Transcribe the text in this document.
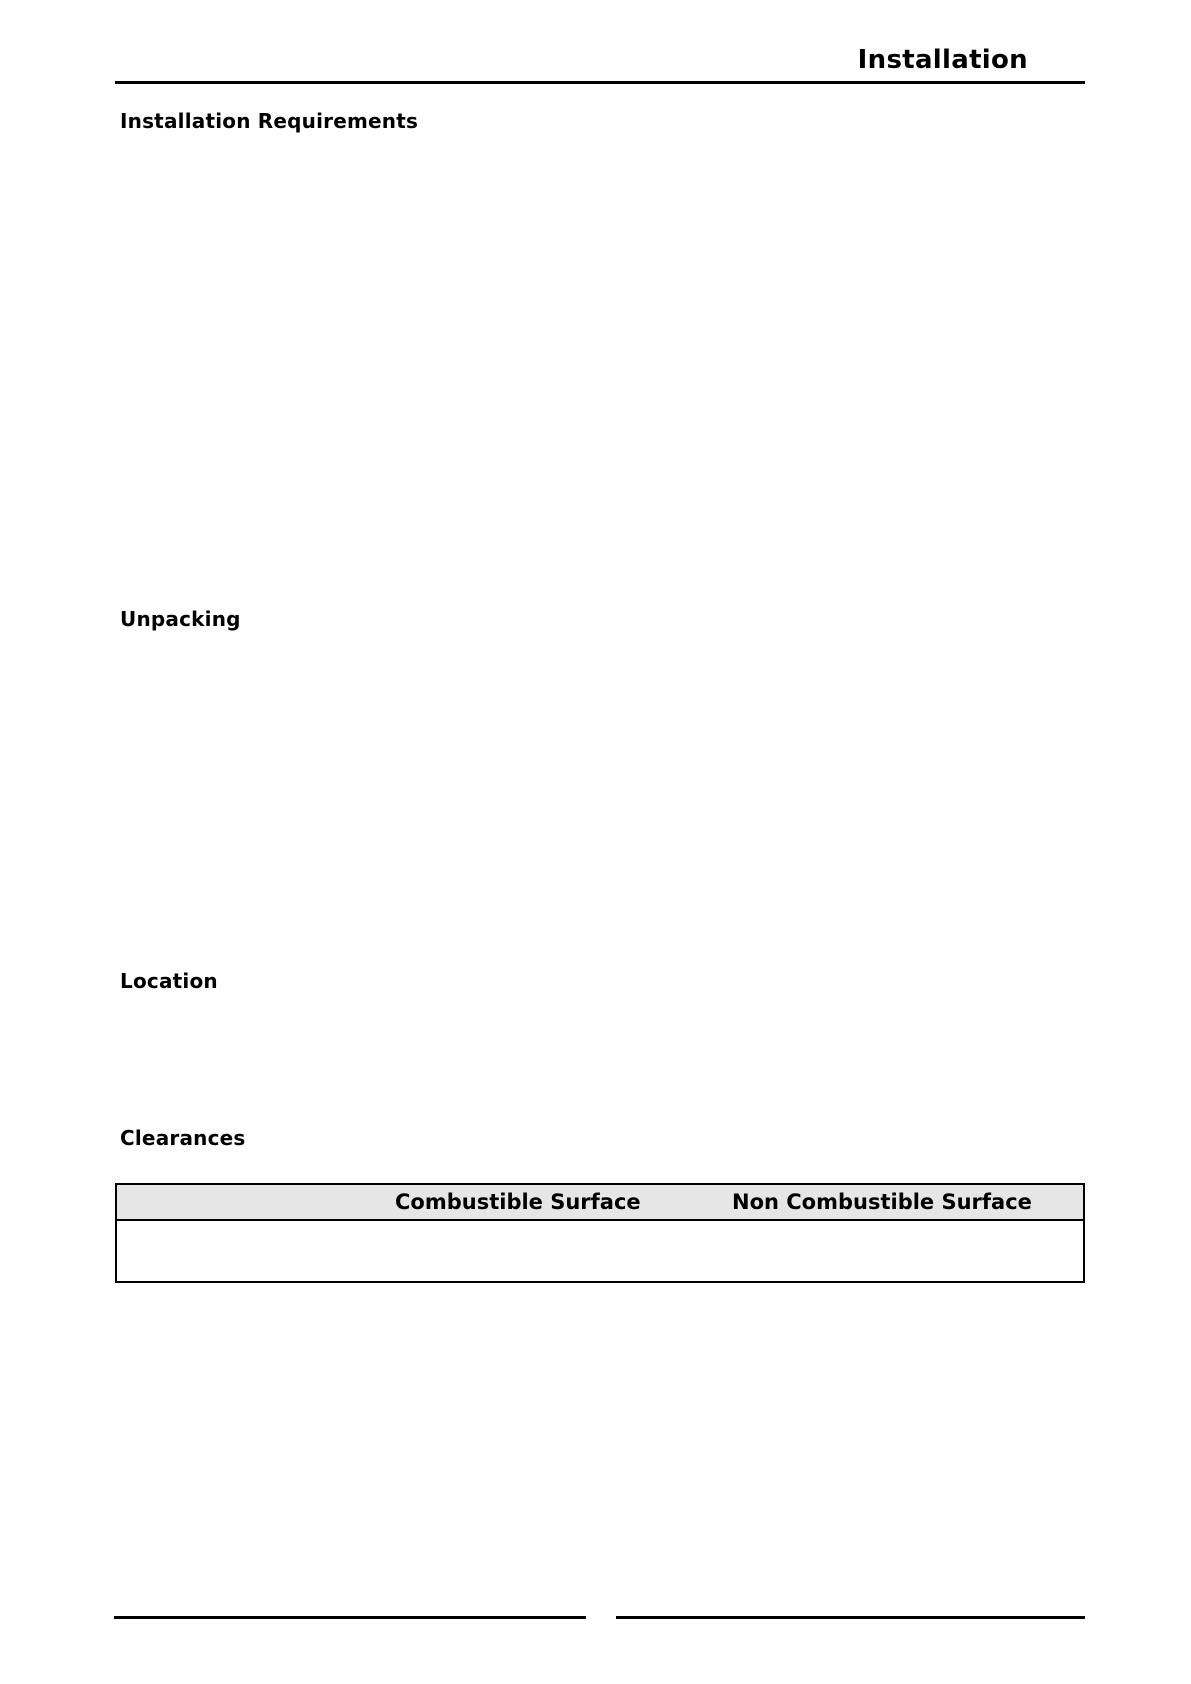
Installation
Installation Requirements
Unpacking
Location
Clearances
	Combustible Surface	Non Combustible Surface
